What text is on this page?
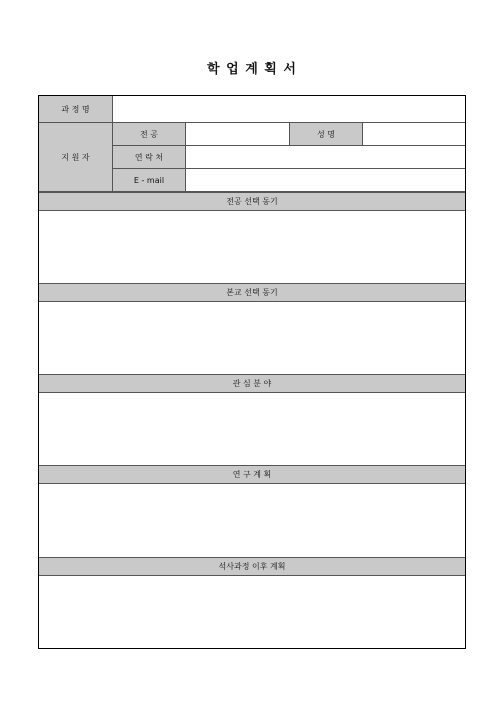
학 업 계 획 서
과 정 명
지 원 자
전 공	성 명
연 락 처
E - mail
전공 선택 동기
본교 선택 동기
관 심 분 야
연 구 계 획
석사과정 이후 계획
